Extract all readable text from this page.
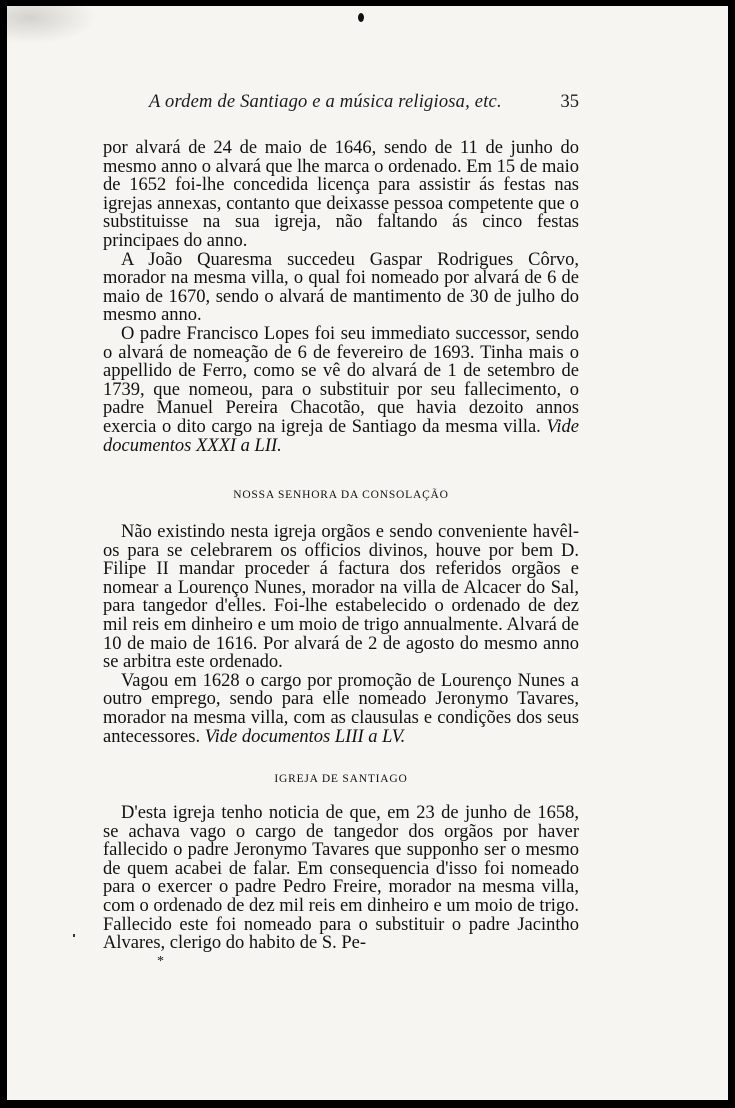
A ordem de Santiago e a música religiosa, etc.	35

por alvará de 24 de maio de 1646, sendo de 11 de junho do mesmo anno o alvará que lhe marca o ordenado. Em 15 de maio de 1652 foi-lhe concedida licença para assistir ás festas nas igrejas annexas, contanto que deixasse pessoa competente que o substituisse na sua igreja, não faltando ás cinco festas principaes do anno.

A João Quaresma succedeu Gaspar Rodrigues Côrvo, morador na mesma villa, o qual foi nomeado por alvará de 6 de maio de 1670, sendo o alvará de mantimento de 30 de julho do mesmo anno.

O padre Francisco Lopes foi seu immediato successor, sendo o alvará de nomeação de 6 de fevereiro de 1693. Tinha mais o appellido de Ferro, como se vê do alvará de 1 de setembro de 1739, que nomeou, para o substituir por seu fallecimento, o padre Manuel Pereira Chacotão, que havia dezoito annos exercia o dito cargo na igreja de Santiago da mesma villa. Vide documentos XXXI a LII.

NOSSA SENHORA DA CONSOLAÇÃO

Não existindo nesta igreja orgãos e sendo conveniente havêl-os para se celebrarem os officios divinos, houve por bem D. Filipe II mandar proceder á factura dos referidos orgãos e nomear a Lourenço Nunes, morador na villa de Alcacer do Sal, para tangedor d'elles. Foi-lhe estabelecido o ordenado de dez mil reis em dinheiro e um moio de trigo annualmente. Alvará de 10 de maio de 1616. Por alvará de 2 de agosto do mesmo anno se arbitra este ordenado.

Vagou em 1628 o cargo por promoção de Lourenço Nunes a outro emprego, sendo para elle nomeado Jeronymo Tavares, morador na mesma villa, com as clausulas e condições dos seus antecessores. Vide documentos LIII a LV.

IGREJA DE SANTIAGO

D'esta igreja tenho noticia de que, em 23 de junho de 1658, se achava vago o cargo de tangedor dos orgãos por haver fallecido o padre Jeronymo Tavares que supponho ser o mesmo de quem acabei de falar. Em consequencia d'isso foi nomeado para o exercer o padre Pedro Freire, morador na mesma villa, com o ordenado de dez mil reis em dinheiro e um moio de trigo. Fallecido este foi nomeado para o substituir o padre Jacintho Alvares, clerigo do habito de S. Pe-

*
